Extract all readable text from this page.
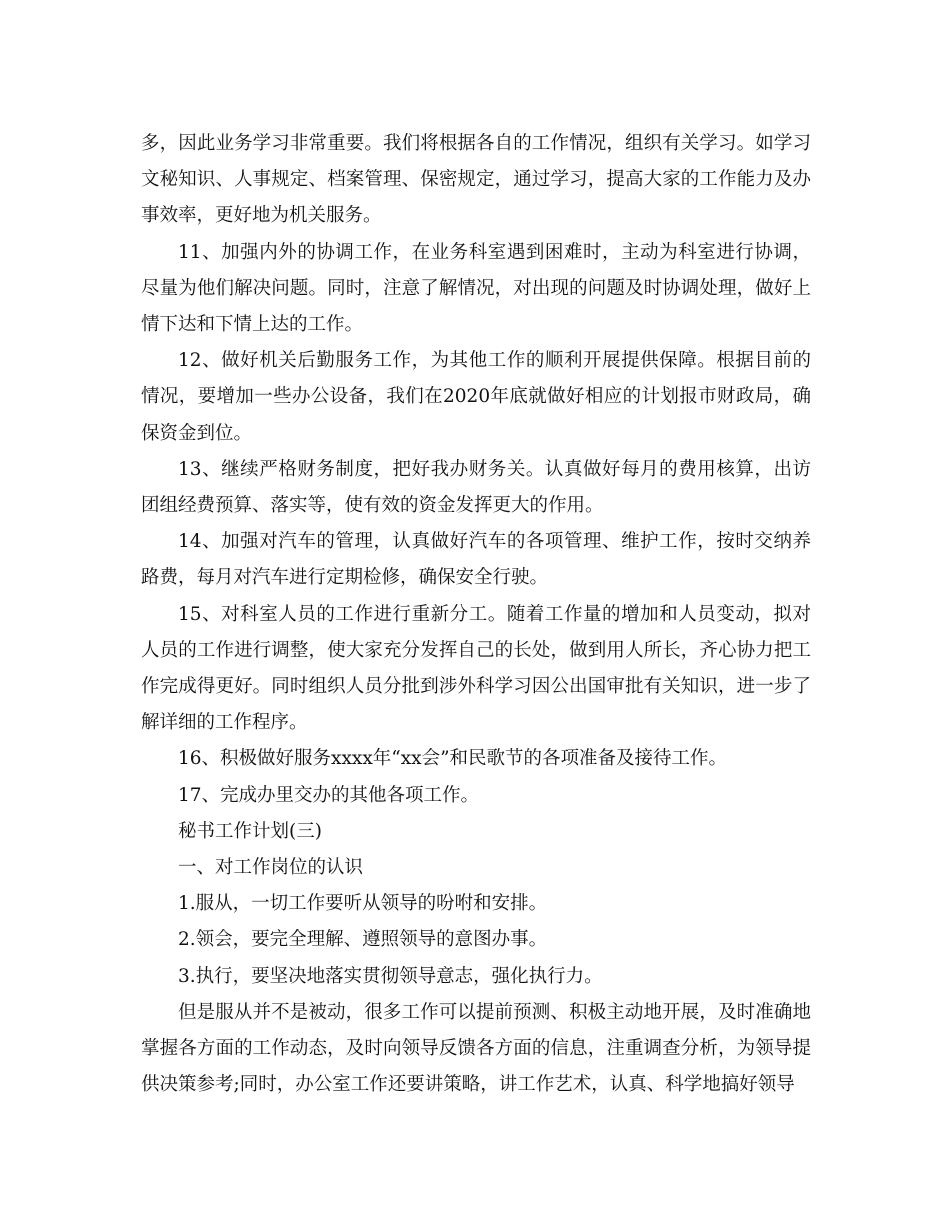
多，因此业务学习非常重要。我们将根据各自的工作情况，组织有关学习。如学习文秘知识、人事规定、档案管理、保密规定，通过学习，提高大家的工作能力及办事效率，更好地为机关服务。

11、加强内外的协调工作，在业务科室遇到困难时，主动为科室进行协调，尽量为他们解决问题。同时，注意了解情况，对出现的问题及时协调处理，做好上情下达和下情上达的工作。

12、做好机关后勤服务工作，为其他工作的顺利开展提供保障。根据目前的情况，要增加一些办公设备，我们在2020年底就做好相应的计划报市财政局，确保资金到位。

13、继续严格财务制度，把好我办财务关。认真做好每月的费用核算，出访团组经费预算、落实等，使有效的资金发挥更大的作用。

14、加强对汽车的管理，认真做好汽车的各项管理、维护工作，按时交纳养路费，每月对汽车进行定期检修，确保安全行驶。

15、对科室人员的工作进行重新分工。随着工作量的增加和人员变动，拟对人员的工作进行调整，使大家充分发挥自己的长处，做到用人所长，齐心协力把工作完成得更好。同时组织人员分批到涉外科学习因公出国审批有关知识，进一步了解详细的工作程序。

16、积极做好服务xxxx年“xx会”和民歌节的各项准备及接待工作。

17、完成办里交办的其他各项工作。

秘书工作计划(三)

一、对工作岗位的认识

1.服从，一切工作要听从领导的吩咐和安排。

2.领会，要完全理解、遵照领导的意图办事。

3.执行，要坚决地落实贯彻领导意志，强化执行力。

但是服从并不是被动，很多工作可以提前预测、积极主动地开展，及时准确地掌握各方面的工作动态，及时向领导反馈各方面的信息，注重调查分析，为领导提供决策参考;同时，办公室工作还要讲策略，讲工作艺术，认真、科学地搞好领导
